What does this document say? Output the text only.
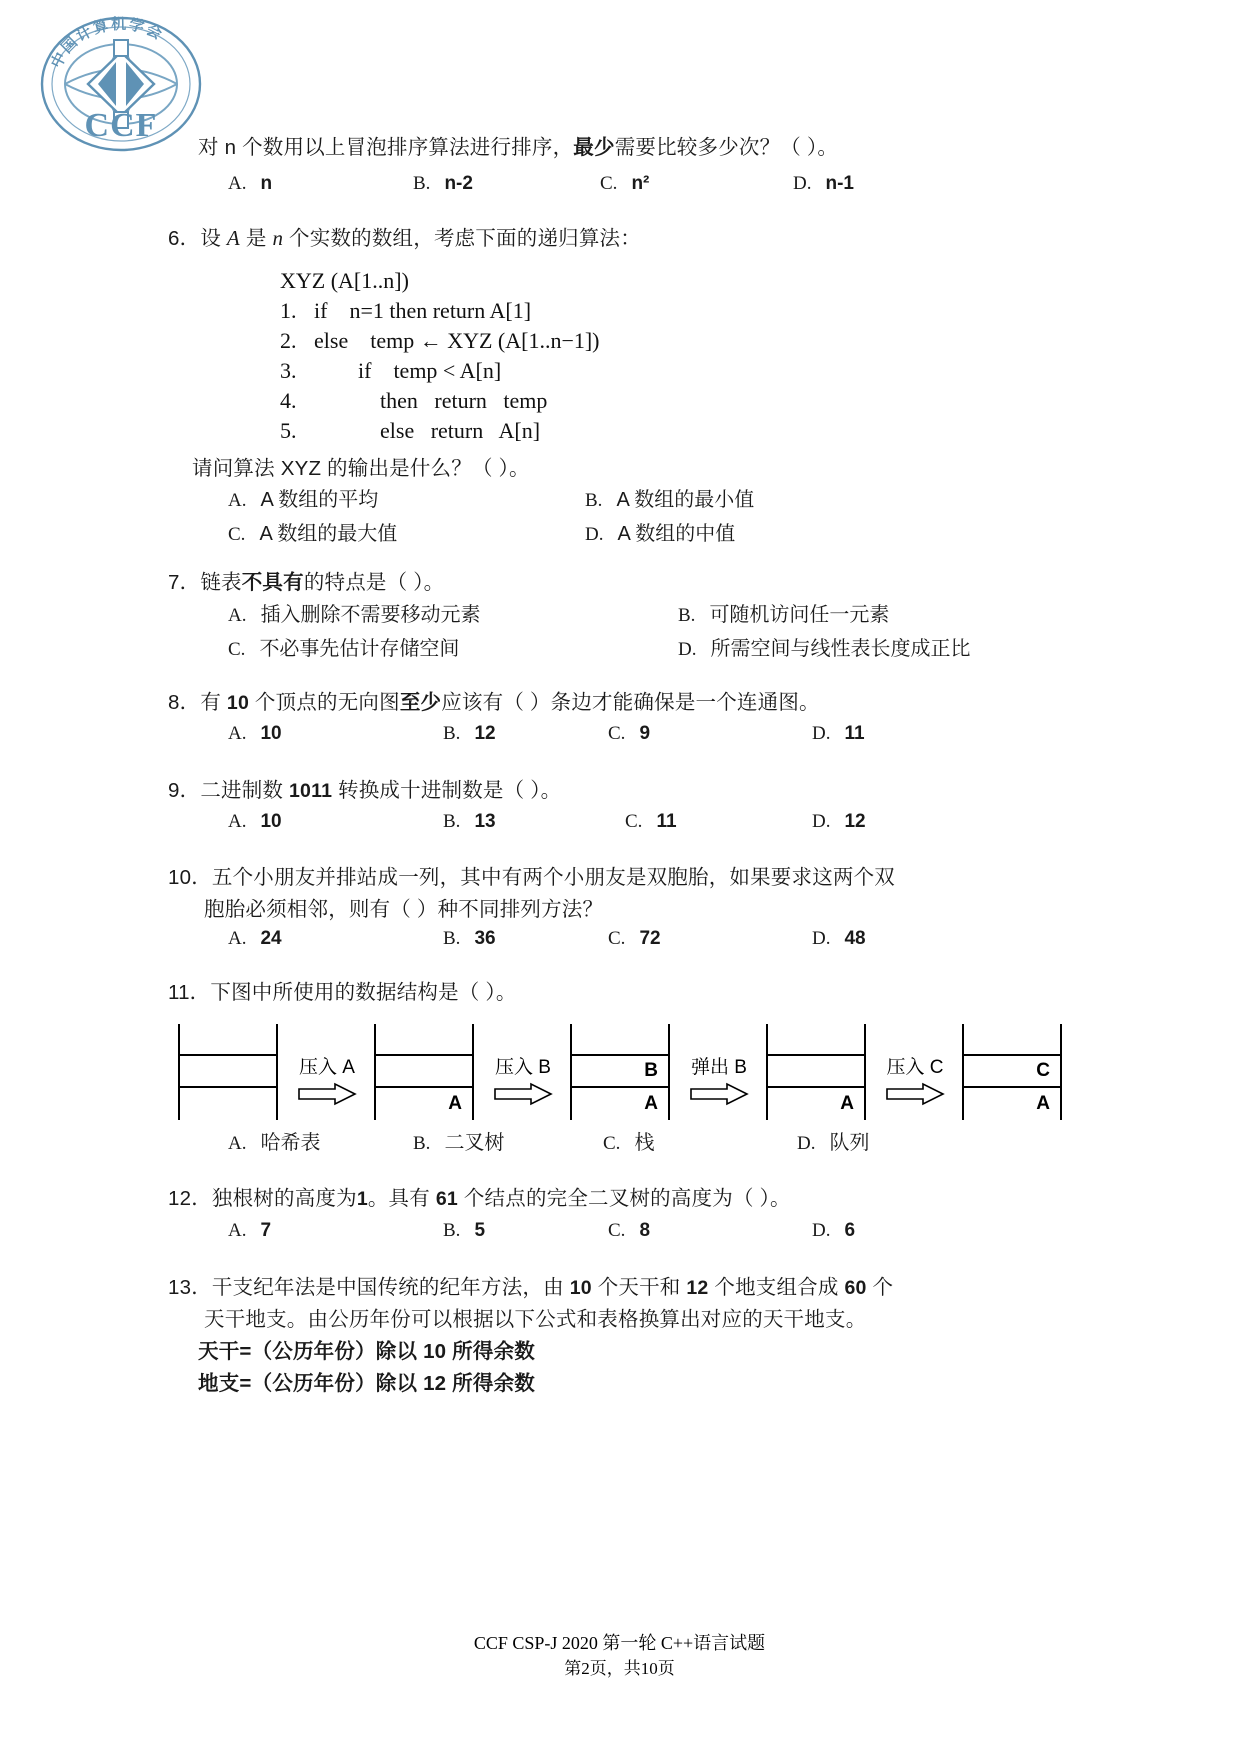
中国计算机学会
CCF
对 n 个数用以上冒泡排序算法进行排序，最少需要比较多少次？（ ）。
A. n	B. n-2	C. n²	D. n-1
6．设 A 是 n 个实数的数组，考虑下面的递归算法：
XYZ (A[1..n])
1. if    n=1 then return A[1]
2. else    temp ← XYZ (A[1..n−1])
3.        if    temp < A[n]
4.            then   return   temp
5.            else   return   A[n]
请问算法 XYZ 的输出是什么？（ ）。
A. A 数组的平均	B. A 数组的最小值
C. A 数组的最大值	D. A 数组的中值
7．链表不具有的特点是（ ）。
A. 插入删除不需要移动元素	B. 可随机访问任一元素
C. 不必事先估计存储空间	D. 所需空间与线性表长度成正比
8．有 10 个顶点的无向图至少应该有（ ）条边才能确保是一个连通图。
A. 10	B. 12	C. 9	D. 11
9．二进制数 1011 转换成十进制数是（ ）。
A. 10	B. 13	C. 11	D. 12
10．五个小朋友并排站成一列，其中有两个小朋友是双胞胎，如果要求这两个双
胞胎必须相邻，则有（ ）种不同排列方法？
A. 24	B. 36	C. 72	D. 48
11．下图中所使用的数据结构是（ ）。
压入 A
A
压入 B	B
A
弹出 B
A
压入 C	C
A
A. 哈希表	B. 二叉树	C. 栈	D. 队列
12．独根树的高度为1。具有 61 个结点的完全二叉树的高度为（ ）。
A. 7	B. 5	C. 8	D. 6
13．干支纪年法是中国传统的纪年方法，由 10 个天干和 12 个地支组合成 60 个
天干地支。由公历年份可以根据以下公式和表格换算出对应的天干地支。
天干=（公历年份）除以 10 所得余数
地支=（公历年份）除以 12 所得余数
CCF CSP-J 2020 第一轮 C++语言试题
第2页，共10页
